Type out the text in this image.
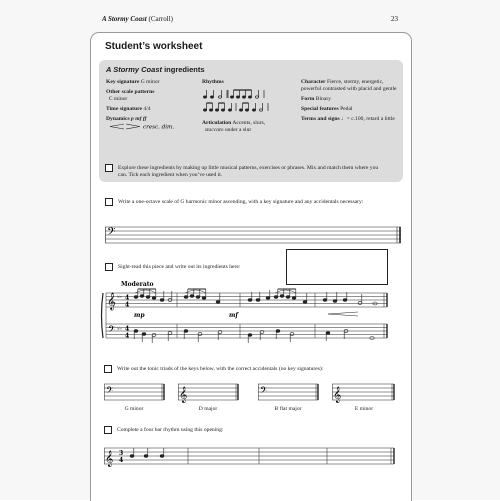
A Stormy Coast (Carroll)	23
Student’s worksheet
A Stormy Coast ingredients
Key signature G minor
Other scale patterns
C minor
Time signature 4/4
Dynamics p mf ff

cresc. dim.
Rhythms
Articulation Accents, slurs,
staccato under a slur
Character Fierce, stormy, energetic, powerful contrasted with placid and gentle
Form Binary
Special features Pedal
Terms and signs ♩= c.100, retard a little
Explore these ingredients by making up little musical patterns, exercises or phrases. Mix and match them where you can. Tick each ingredient when you’ve used it.
Write a one-octave scale of G harmonic minor ascending, with a key signature and any accidentals necessary:
𝄢
Sight-read this piece and write out its ingredients here:
Moderato
𝄞
𝄢
♭♭
♭♭
4
4
4
4
mp	mf
Write out the tonic triads of the keys below, with the correct accidentals (no key signatures):
𝄢	𝄞	𝄢	𝄞
G minor	D major	B flat major	E minor
Complete a four bar rhythm using this opening:
𝄞 3
4
